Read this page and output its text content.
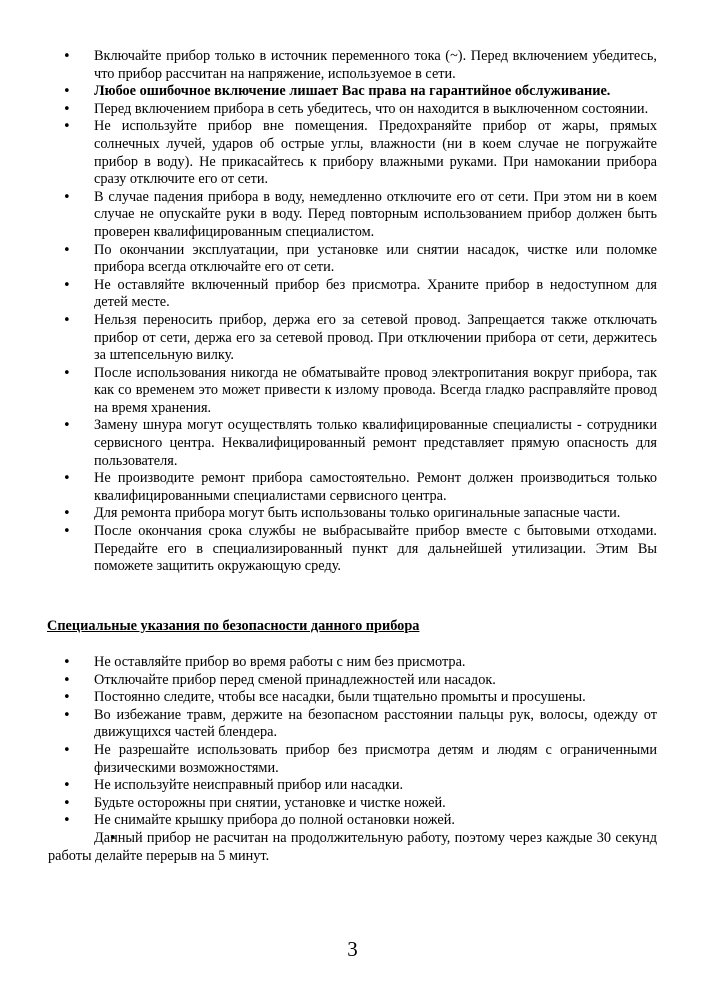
• Включайте прибор только в источник переменного тока (~). Перед включением убедитесь, что прибор рассчитан на напряжение, используемое в сети.
• Любое ошибочное включение лишает Вас права на гарантийное обслуживание.
• Перед включением прибора в сеть убедитесь, что он находится в выключенном состоянии.
• Не используйте прибор вне помещения. Предохраняйте прибор от жары, прямых солнечных лучей, ударов об острые углы, влажности (ни в коем случае не погружайте прибор в воду). Не прикасайтесь к прибору влажными руками. При намокании прибора сразу отключите его от сети.
• В случае падения прибора в воду, немедленно отключите его от сети. При этом ни в коем случае не опускайте руки в воду. Перед повторным использованием прибор должен быть проверен квалифицированным специалистом.
• По окончании эксплуатации, при установке или снятии насадок, чистке или поломке прибора всегда отключайте его от сети.
• Не оставляйте включенный прибор без присмотра. Храните прибор в недоступном для детей месте.
• Нельзя переносить прибор, держа его за сетевой провод. Запрещается также отключать прибор от сети, держа его за сетевой провод. При отключении прибора от сети, держитесь за штепсельную вилку.
• После использования никогда не обматывайте провод электропитания вокруг прибора, так как со временем это может привести к излому провода. Всегда гладко расправляйте провод на время хранения.
• Замену шнура могут осуществлять только квалифицированные специалисты - сотрудники сервисного центра. Неквалифицированный ремонт представляет прямую опасность для пользователя.
• Не производите ремонт прибора самостоятельно. Ремонт должен производиться только квалифицированными специалистами сервисного центра.
• Для ремонта прибора могут быть использованы только оригинальные запасные части.
• После окончания срока службы не выбрасывайте прибор вместе с бытовыми отходами. Передайте его в специализированный пункт для дальнейшей утилизации. Этим Вы поможете защитить окружающую среду.

Специальные указания по безопасности данного прибора

• Не оставляйте прибор во время работы с ним без присмотра.
• Отключайте прибор перед сменой принадлежностей или насадок.
• Постоянно следите, чтобы все насадки, были тщательно промыты и просушены.
• Во избежание травм, держите на безопасном расстоянии пальцы рук, волосы, одежду от движущихся частей блендера.
• Не разрешайте использовать прибор без присмотра детям и людям с ограниченными физическими возможностями.
• Не используйте неисправный прибор или насадки.
• Будьте осторожны при снятии, установке и чистке ножей.
• Не снимайте крышку прибора до полной остановки ножей.
• Данный прибор не расчитан на продолжительную работу, поэтому через каждые 30 секунд работы делайте перерыв на 5 минут.
3
